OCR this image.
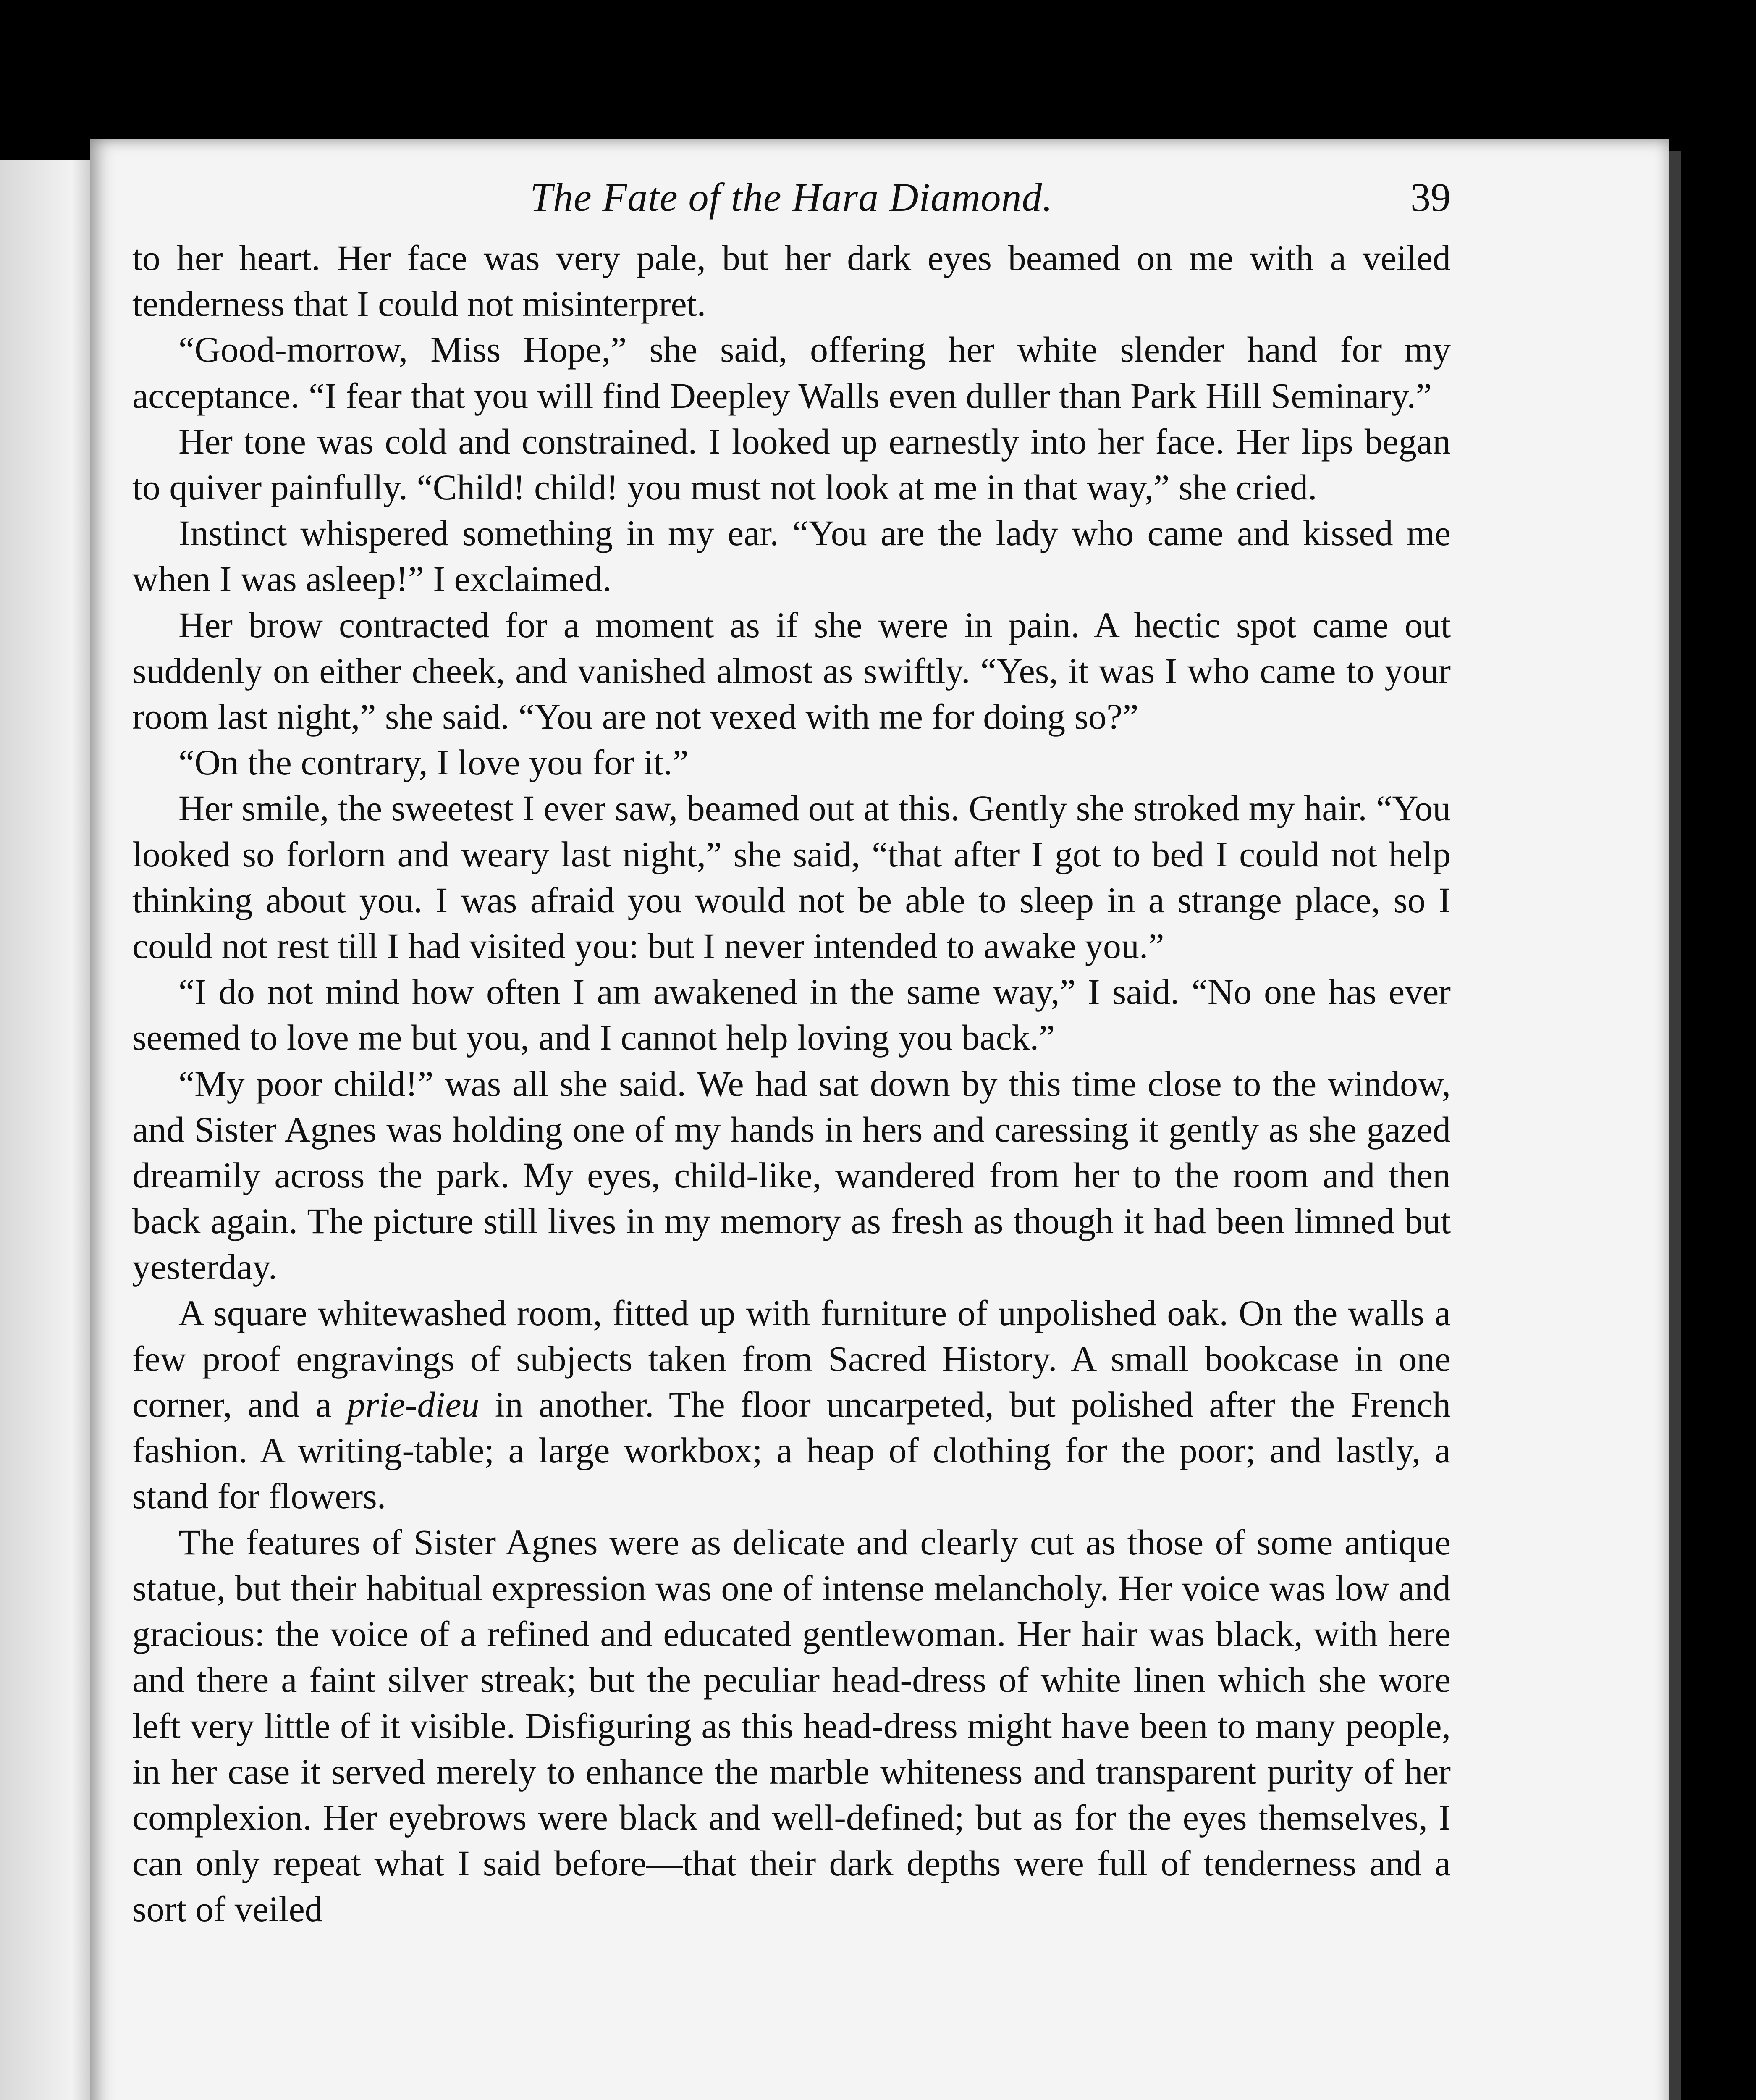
The Fate of the Hara Diamond.	39

to her heart. Her face was very pale, but her dark eyes beamed on me with a veiled tenderness that I could not misinterpret.

“Good-morrow, Miss Hope,” she said, offering her white slender hand for my acceptance. “I fear that you will find Deepley Walls even duller than Park Hill Seminary.”

Her tone was cold and constrained. I looked up earnestly into her face. Her lips began to quiver painfully. “Child! child! you must not look at me in that way,” she cried.

Instinct whispered something in my ear. “You are the lady who came and kissed me when I was asleep!” I exclaimed.

Her brow contracted for a moment as if she were in pain. A hectic spot came out suddenly on either cheek, and vanished almost as swiftly. “Yes, it was I who came to your room last night,” she said. “You are not vexed with me for doing so?”

“On the contrary, I love you for it.”

Her smile, the sweetest I ever saw, beamed out at this. Gently she stroked my hair. “You looked so forlorn and weary last night,” she said, “that after I got to bed I could not help thinking about you. I was afraid you would not be able to sleep in a strange place, so I could not rest till I had visited you: but I never intended to awake you.”

“I do not mind how often I am awakened in the same way,” I said. “No one has ever seemed to love me but you, and I cannot help loving you back.”

“My poor child!” was all she said. We had sat down by this time close to the window, and Sister Agnes was holding one of my hands in hers and caressing it gently as she gazed dreamily across the park. My eyes, child-like, wandered from her to the room and then back again. The picture still lives in my memory as fresh as though it had been limned but yesterday.

A square whitewashed room, fitted up with furniture of unpolished oak. On the walls a few proof engravings of subjects taken from Sacred History. A small bookcase in one corner, and a prie-dieu in another. The floor uncarpeted, but polished after the French fashion. A writing-table; a large workbox; a heap of clothing for the poor; and lastly, a stand for flowers.

The features of Sister Agnes were as delicate and clearly cut as those of some antique statue, but their habitual expression was one of intense melancholy. Her voice was low and gracious: the voice of a refined and educated gentlewoman. Her hair was black, with here and there a faint silver streak; but the peculiar head-dress of white linen which she wore left very little of it visible. Disfiguring as this head-dress might have been to many people, in her case it served merely to enhance the marble whiteness and transparent purity of her complexion. Her eyebrows were black and well-defined; but as for the eyes themselves, I can only repeat what I said before—that their dark depths were full of tenderness and a sort of veiled
